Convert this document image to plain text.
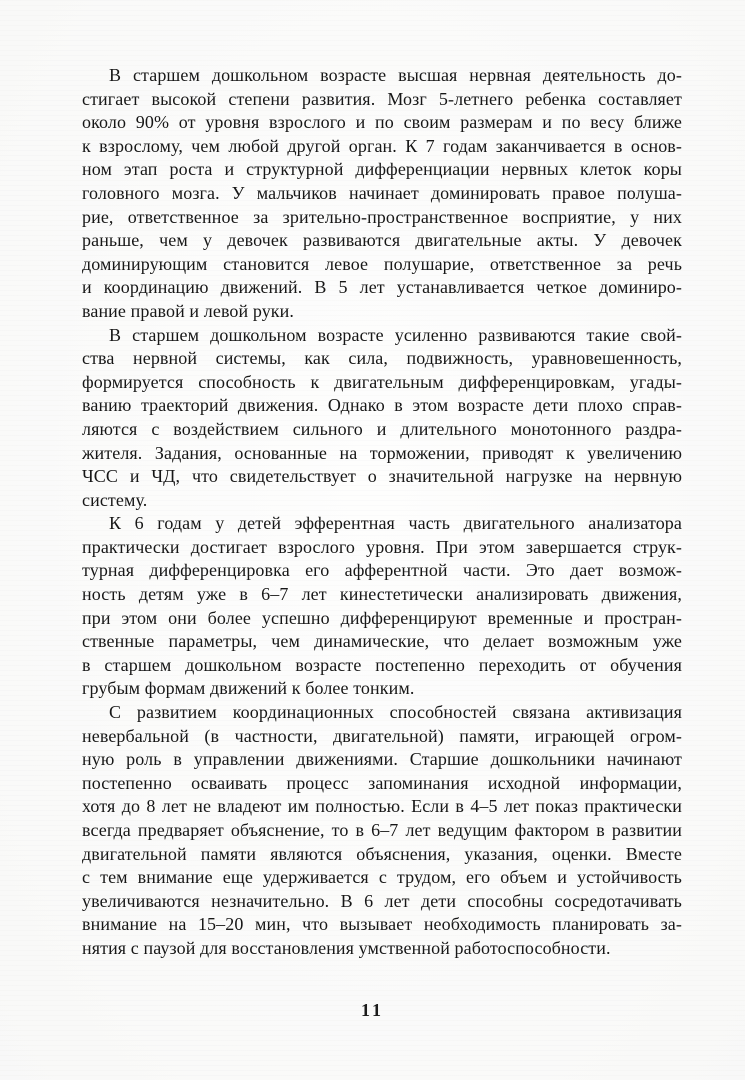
В старшем дошкольном возрасте высшая нервная деятельность до-
стигает высокой степени развития. Мозг 5-летнего ребенка составляет
около 90% от уровня взрослого и по своим размерам и по весу ближе
к взрослому, чем любой другой орган. К 7 годам заканчивается в основ-
ном этап роста и структурной дифференциации нервных клеток коры
головного мозга. У мальчиков начинает доминировать правое полуша-
рие, ответственное за зрительно-пространственное восприятие, у них
раньше, чем у девочек развиваются двигательные акты. У девочек
доминирующим становится левое полушарие, ответственное за речь
и координацию движений. В 5 лет устанавливается четкое доминиро-
вание правой и левой руки.
В старшем дошкольном возрасте усиленно развиваются такие свой-
ства нервной системы, как сила, подвижность, уравновешенность,
формируется способность к двигательным дифференцировкам, угады-
ванию траекторий движения. Однако в этом возрасте дети плохо справ-
ляются с воздействием сильного и длительного монотонного раздра-
жителя. Задания, основанные на торможении, приводят к увеличению
ЧСС и ЧД, что свидетельствует о значительной нагрузке на нервную
систему.
К 6 годам у детей эфферентная часть двигательного анализатора
практически достигает взрослого уровня. При этом завершается струк-
турная дифференцировка его афферентной части. Это дает возмож-
ность детям уже в 6–7 лет кинестетически анализировать движения,
при этом они более успешно дифференцируют временные и простран-
ственные параметры, чем динамические, что делает возможным уже
в старшем дошкольном возрасте постепенно переходить от обучения
грубым формам движений к более тонким.
С развитием координационных способностей связана активизация
невербальной (в частности, двигательной) памяти, играющей огром-
ную роль в управлении движениями. Старшие дошкольники начинают
постепенно осваивать процесс запоминания исходной информации,
хотя до 8 лет не владеют им полностью. Если в 4–5 лет показ практически
всегда предваряет объяснение, то в 6–7 лет ведущим фактором в развитии
двигательной памяти являются объяснения, указания, оценки. Вместе
с тем внимание еще удерживается с трудом, его объем и устойчивость
увеличиваются незначительно. В 6 лет дети способны сосредотачивать
внимание на 15–20 мин, что вызывает необходимость планировать за-
нятия с паузой для восстановления умственной работоспособности.
11
